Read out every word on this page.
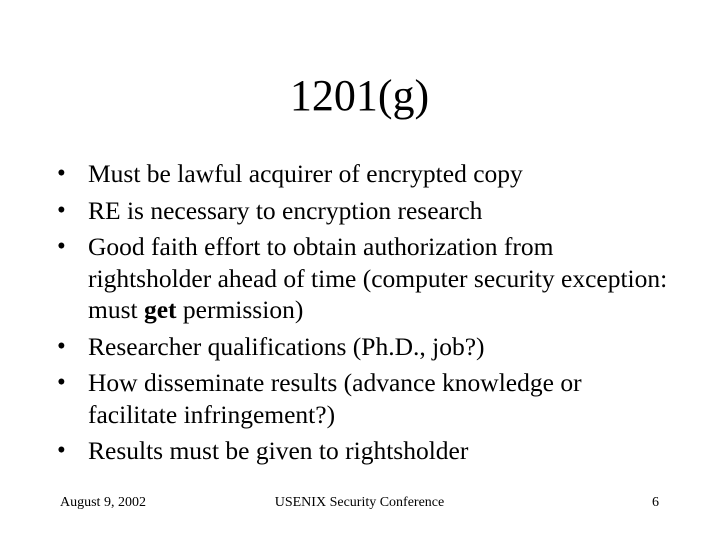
1201(g)
• Must be lawful acquirer of encrypted copy
• RE is necessary to encryption research
• Good faith effort to obtain authorization from rightsholder ahead of time (computer security exception: must get permission)
• Researcher qualifications (Ph.D., job?)
• How disseminate results (advance knowledge or facilitate infringement?)
• Results must be given to rightsholder
USENIX Security Conference
August 9, 2002	6
